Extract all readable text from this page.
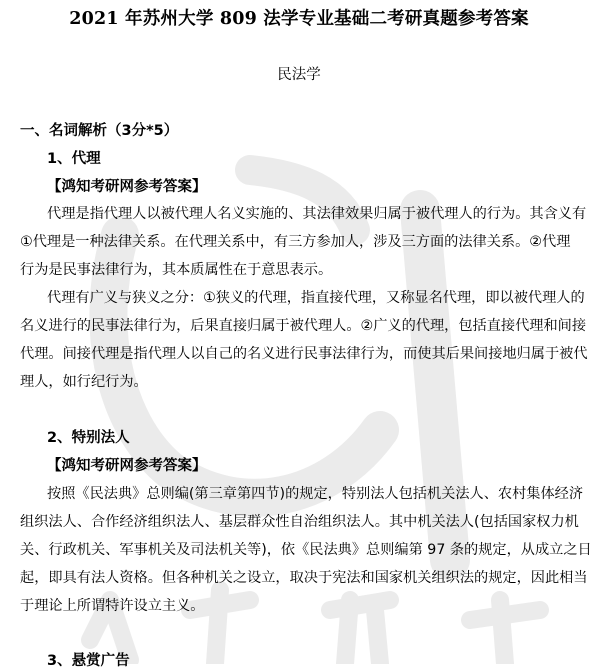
2021 年苏州大学 809 法学专业基础二考研真题参考答案
民法学
一、名词解析（3分*5）
1、代理
【鸿知考研网参考答案】
代理是指代理人以被代理人名义实施的、其法律效果归属于被代理人的行为。其含义有
①代理是一种法律关系。在代理关系中，有三方参加人，涉及三方面的法律关系。②代理
行为是民事法律行为，其本质属性在于意思表示。
代理有广义与狭义之分：①狭义的代理，指直接代理，又称显名代理，即以被代理人的
名义进行的民事法律行为，后果直接归属于被代理人。②广义的代理，包括直接代理和间接
代理。间接代理是指代理人以自己的名义进行民事法律行为，而使其后果间接地归属于被代
理人，如行纪行为。
2、特别法人
【鸿知考研网参考答案】
按照《民法典》总则编(第三章第四节)的规定，特别法人包括机关法人、农村集体经济
组织法人、合作经济组织法人、基层群众性自治组织法人。其中机关法人(包括国家权力机
关、行政机关、军事机关及司法机关等)，依《民法典》总则编第 97 条的规定，从成立之日
起，即具有法人资格。但各种机关之设立，取决于宪法和国家机关组织法的规定，因此相当
于理论上所谓特许设立主义。
3、悬赏广告
